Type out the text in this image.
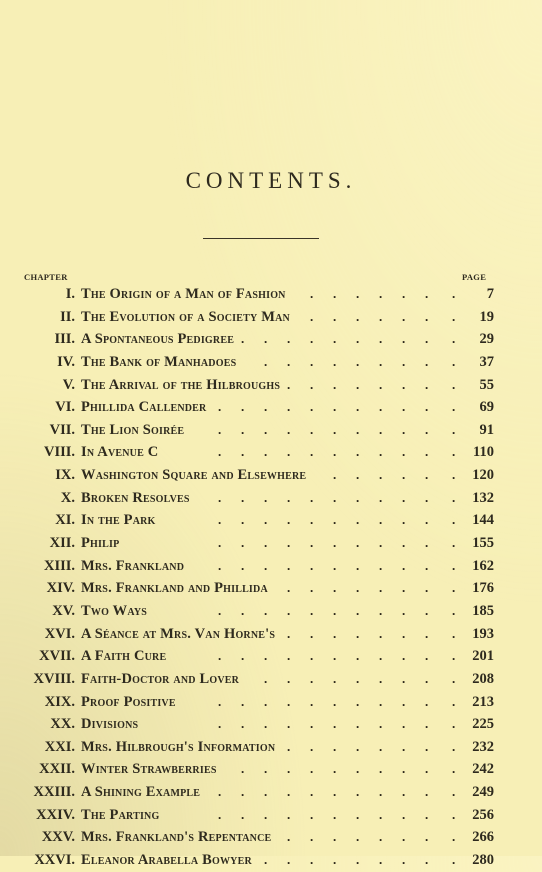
CONTENTS.
CHAPTER	PAGE
I. The Origin of a Man of Fashion . . . . . . . 7
II. The Evolution of a Society Man . . . . . . . 19
III. A Spontaneous Pedigree . . . . . . . . . . 29
IV. The Bank of Manhadoes . . . . . . . . . 37
V. The Arrival of the Hilbroughs . . . . . . . . 55
VI. Phillida Callender . . . . . . . . . . . 69
VII. The Lion Soirée	. . . . . . . . . . . 91
VIII. In Avenue C	. . . . . . . . . . . 110
IX. Washington Square and Elsewhere . . . . . . 120
X. Broken Resolves . . . . . . . . . . . 132
XI. In the Park	. . . . . . . . . . . 144
XII. Philip	. . . . . . . . . . . 155
XIII. Mrs. Frankland	. . . . . . . . . . . 162
XIV. Mrs. Frankland and Phillida . . . . . . . . 176
XV. Two Ways	. . . . . . . . . . . 185
XVI. A Séance at Mrs. Van Horne's . . . . . . . . 193
XVII. A Faith Cure	. . . . . . . . . . . 201
XVIII. Faith-Doctor and Lover . . . . . . . . . 208
XIX. Proof Positive	. . . . . . . . . . . 213
XX. Divisions	. . . . . . . . . . . 225
XXI. Mrs. Hilbrough's Information . . . . . . . . 232
XXII. Winter Strawberries . . . . . . . . . . 242
XXIII. A Shining Example . . . . . . . . . . . 249
XXIV. The Parting	. . . . . . . . . . . 256
XXV. Mrs. Frankland's Repentance . . . . . . . . 266
XXVI. Eleanor Arabella Bowyer . . . . . . . . . 280
